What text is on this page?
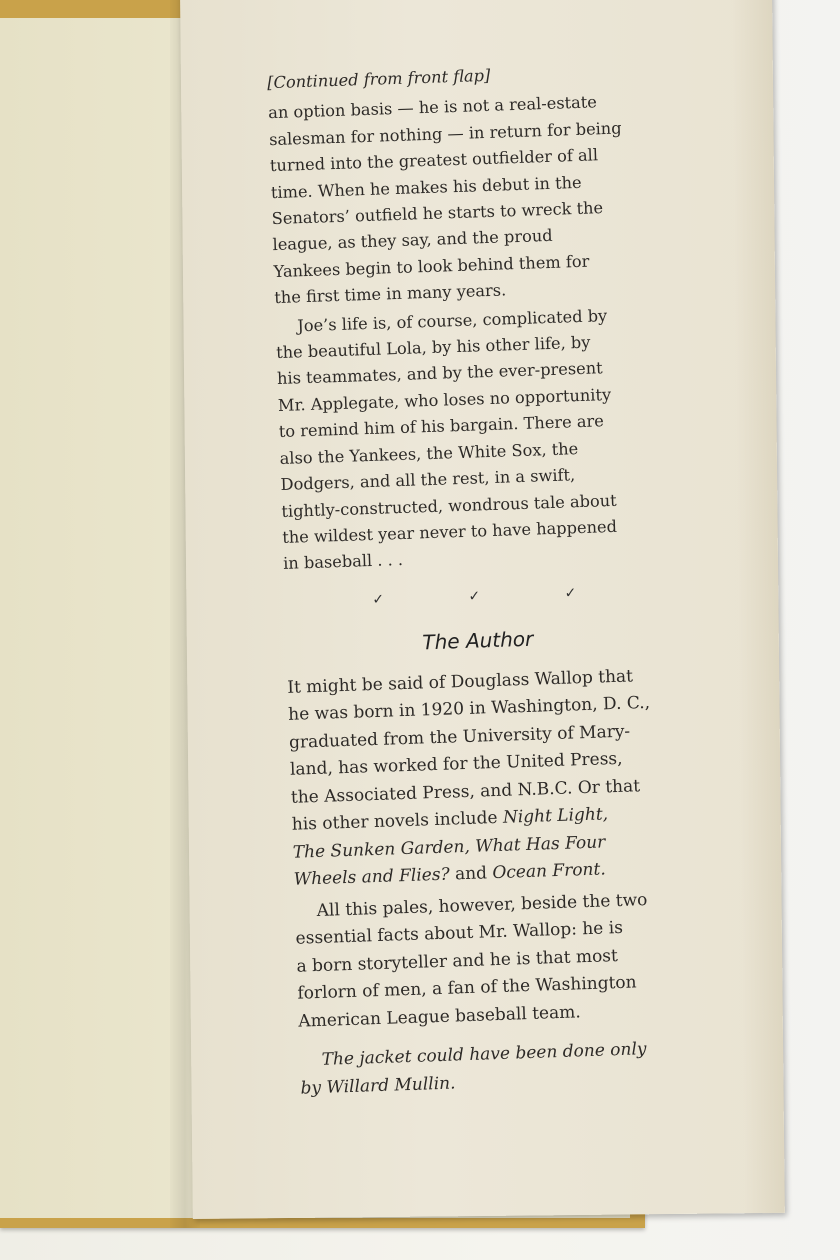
[Continued from front flap]

an option basis — he is not a real-estate
salesman for nothing — in return for being
turned into the greatest outfielder of all
time. When he makes his debut in the
Senators’ outfield he starts to wreck the
league, as they say, and the proud
Yankees begin to look behind them for
the first time in many years.

Joe’s life is, of course, complicated by
the beautiful Lola, by his other life, by
his teammates, and by the ever-present
Mr. Applegate, who loses no opportunity
to remind him of his bargain. There are
also the Yankees, the White Sox, the
Dodgers, and all the rest, in a swift,
tightly-constructed, wondrous tale about
the wildest year never to have happened
in baseball . . .

✓ ✓ ✓
The Author

It might be said of Douglass Wallop that
he was born in 1920 in Washington, D. C.,
graduated from the University of Mary-
land, has worked for the United Press,
the Associated Press, and N.B.C. Or that
his other novels include Night Light,
The Sunken Garden, What Has Four
Wheels and Flies? and Ocean Front.

All this pales, however, beside the two
essential facts about Mr. Wallop: he is
a born storyteller and he is that most
forlorn of men, a fan of the Washington
American League baseball team.

The jacket could have been done only
by Willard Mullin.
